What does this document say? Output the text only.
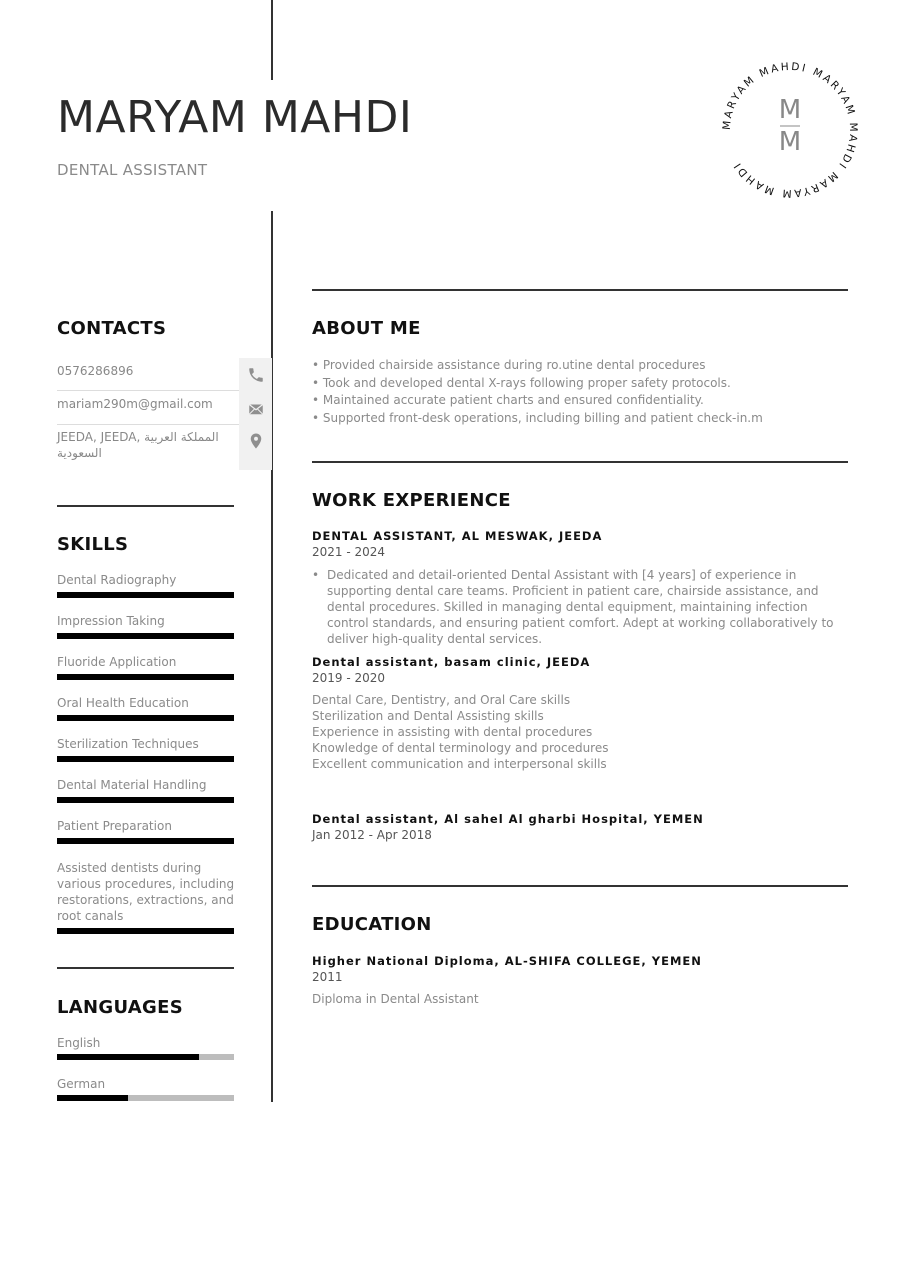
MARYAM MAHDI
DENTAL ASSISTANT
MARYAM MAHDI MARYAM MAHDI MARYAM MAHDI
M
M
CONTACTS
0576286896
mariam290m@gmail.com
JEEDA, JEEDA, المملكة العربية السعودية
SKILLS
Dental Radiography
Impression Taking
Fluoride Application
Oral Health Education
Sterilization Techniques
Dental Material Handling
Patient Preparation
Assisted dentists during various procedures, including restorations, extractions, and root canals
LANGUAGES
English
German
ABOUT ME
• Provided chairside assistance during ro.utine dental procedures
• Took and developed dental X-rays following proper safety protocols.
• Maintained accurate patient charts and ensured confidentiality.
• Supported front-desk operations, including billing and patient check-in.m
WORK EXPERIENCE
DENTAL ASSISTANT, AL MESWAK, JEEDA
2021 - 2024
• Dedicated and detail-oriented Dental Assistant with [4 years] of experience in supporting dental care teams. Proficient in patient care, chairside assistance, and dental procedures. Skilled in managing dental equipment, maintaining infection control standards, and ensuring patient comfort. Adept at working collaboratively to deliver high-quality dental services.
Dental assistant, basam clinic, JEEDA
2019 - 2020
Dental Care, Dentistry, and Oral Care skills
Sterilization and Dental Assisting skills
Experience in assisting with dental procedures
Knowledge of dental terminology and procedures
Excellent communication and interpersonal skills
Dental assistant, Al sahel Al gharbi Hospital, YEMEN
Jan 2012 - Apr 2018
EDUCATION
Higher National Diploma, AL-SHIFA COLLEGE, YEMEN
2011
Diploma in Dental Assistant
